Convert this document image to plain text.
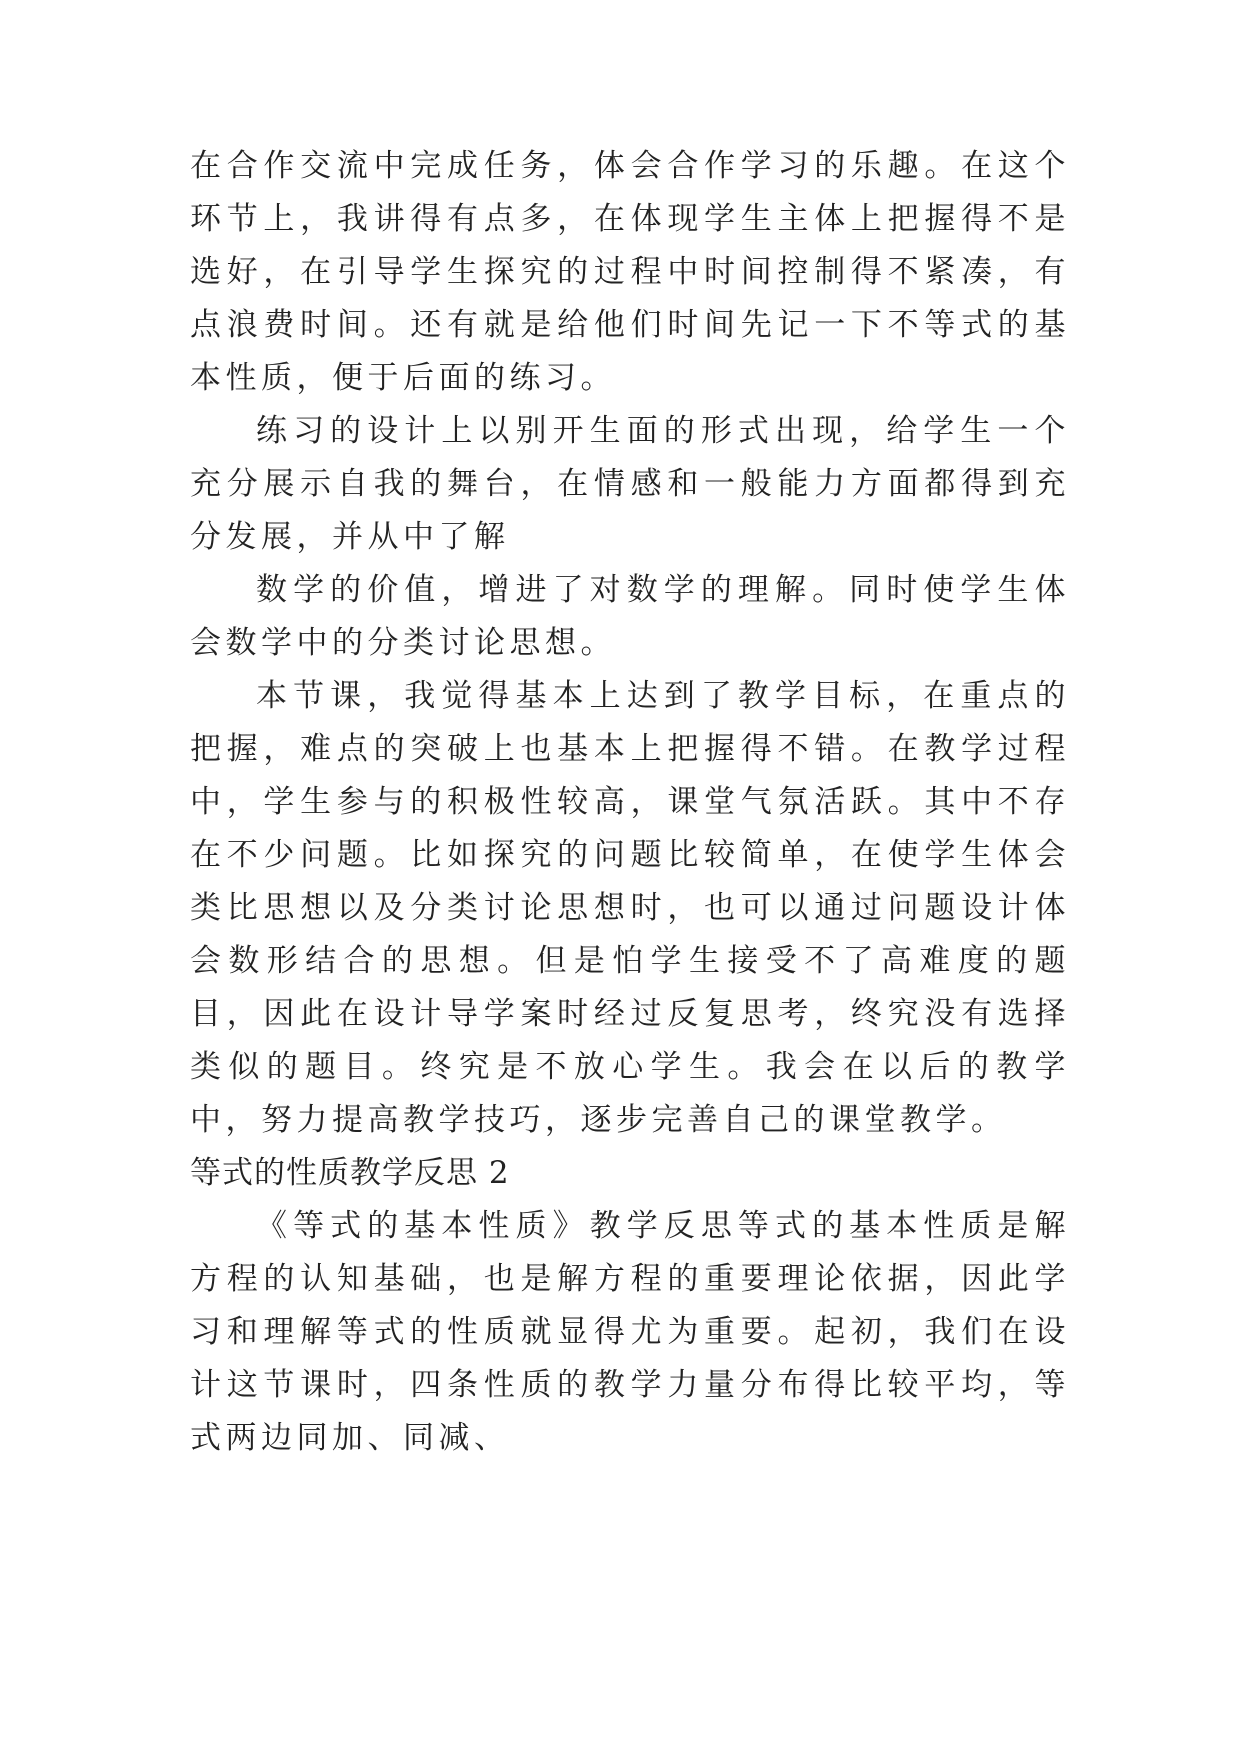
在合作交流中完成任务，体会合作学习的乐趣。在这个环节上，我讲得有点多，在体现学生主体上把握得不是选好，在引导学生探究的过程中时间控制得不紧凑，有点浪费时间。还有就是给他们时间先记一下不等式的基本性质，便于后面的练习。

练习的设计上以别开生面的形式出现，给学生一个充分展示自我的舞台，在情感和一般能力方面都得到充分发展，并从中了解

数学的价值，增进了对数学的理解。同时使学生体会数学中的分类讨论思想。

本节课，我觉得基本上达到了教学目标，在重点的把握，难点的突破上也基本上把握得不错。在教学过程中，学生参与的积极性较高，课堂气氛活跃。其中不存在不少问题。比如探究的问题比较简单，在使学生体会类比思想以及分类讨论思想时，也可以通过问题设计体会数形结合的思想。但是怕学生接受不了高难度的题目，因此在设计导学案时经过反复思考，终究没有选择类似的题目。终究是不放心学生。我会在以后的教学中，努力提高教学技巧，逐步完善自己的课堂教学。

等式的性质教学反思 2

《等式的基本性质》教学反思等式的基本性质是解方程的认知基础，也是解方程的重要理论依据，因此学习和理解等式的性质就显得尤为重要。起初，我们在设计这节课时，四条性质的教学力量分布得比较平均，等式两边同加、同减、
